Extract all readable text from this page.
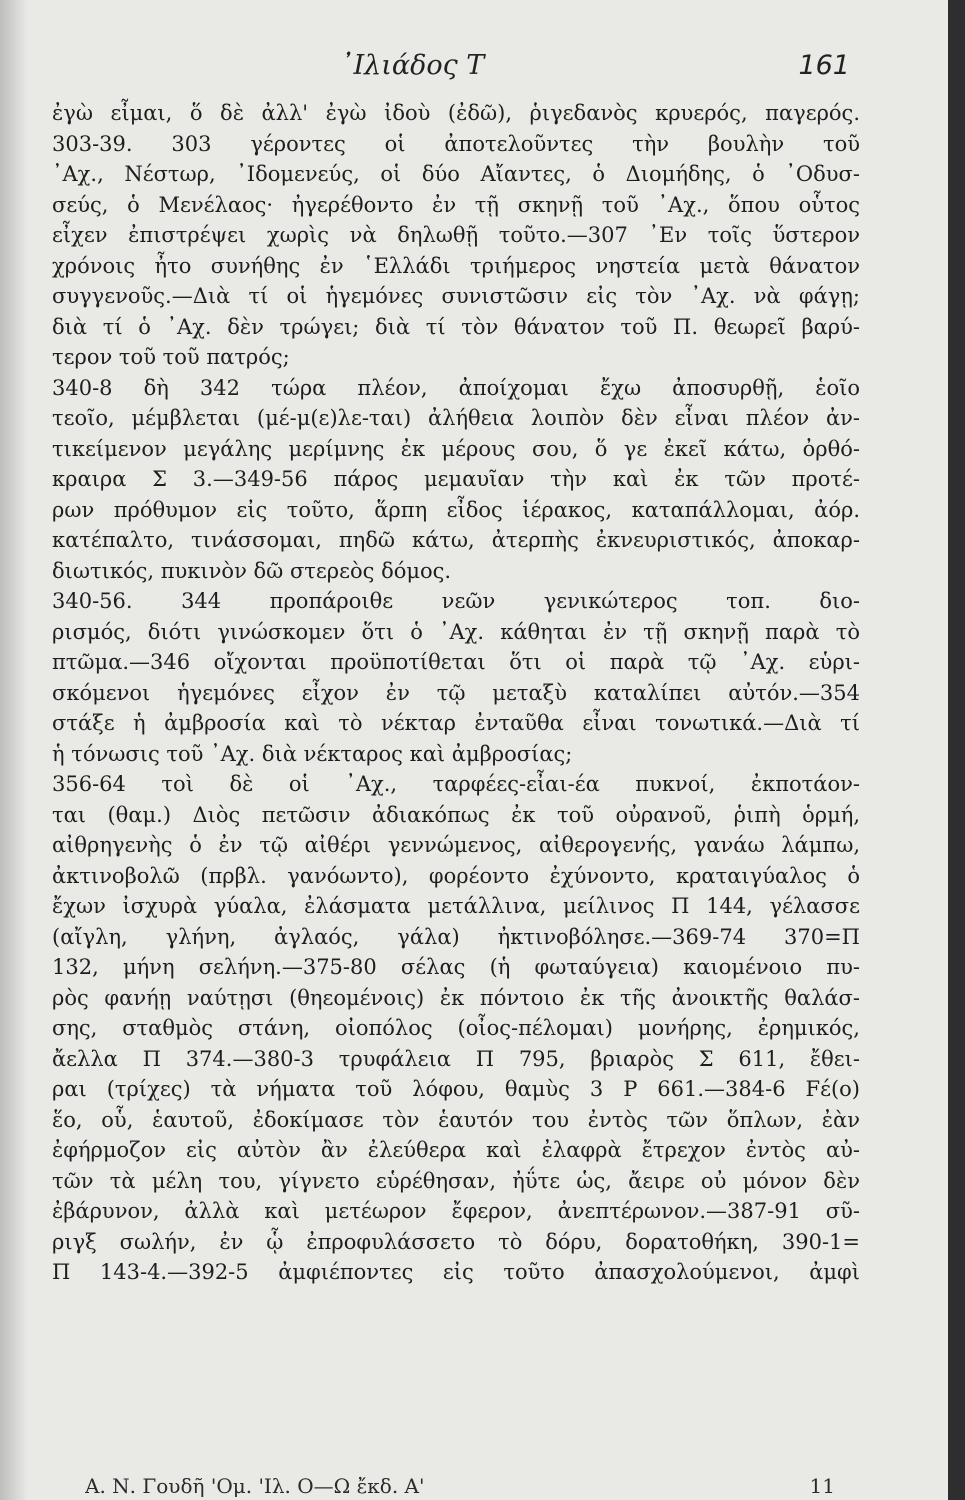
᾿Ιλιάδος Τ	161
ἐγὼ εἶμαι, ὅ δὲ ἀλλ' ἐγὼ ἰδοὺ (ἐδῶ), ῥιγεδανὸς κρυερός, παγερός.
303-39. 303 γέροντες οἱ ἀποτελοῦντες τὴν βουλὴν τοῦ
᾿Αχ., Νέστωρ, ᾿Ιδομενεύς, οἱ δύο Αἴαντες, ὁ Διομήδης, ὁ ᾿Οδυσ-
σεύς, ὁ Μενέλαος· ἠγερέθοντο ἐν τῇ σκηνῇ τοῦ ᾿Αχ., ὅπου οὗτος
εἶχεν ἐπιστρέψει χωρὶς νὰ δηλωθῇ τοῦτο.—307 ᾿Εν τοῖς ὕστερον
χρόνοις ἦτο συνήθης ἐν ῾Ελλάδι τριήμερος νηστεία μετὰ θάνατον
συγγενοῦς.—Διὰ τί οἱ ἡγεμόνες συνιστῶσιν εἰς τὸν ᾿Αχ. νὰ φάγῃ;
διὰ τί ὁ ᾿Αχ. δὲν τρώγει; διὰ τί τὸν θάνατον τοῦ Π. θεωρεῖ βαρύ-
τερον τοῦ τοῦ πατρός;
340-8 δὴ 342 τώρα πλέον, ἀποίχομαι ἔχω ἀποσυρθῇ, ἑοῖο
τεοῖο, μέμβλεται (μέ-μ(ε)λε-ται) ἀλήθεια λοιπὸν δὲν εἶναι πλέον ἀν-
τικείμενον μεγάλης μερίμνης ἐκ μέρους σου, ὅ γε ἐκεῖ κάτω, ὀρθό-
κραιρα Σ 3.—349-56 πάρος μεμαυῖαν τὴν καὶ ἐκ τῶν προτέ-
ρων πρόθυμον εἰς τοῦτο, ἅρπη εἶδος ἱέρακος, καταπάλλομαι, ἀόρ.
κατέπαλτο, τινάσσομαι, πηδῶ κάτω, ἀτερπὴς ἐκνευριστικός, ἀποκαρ-
διωτικός, πυκινὸν δῶ στερεὸς δόμος.
340-56. 344 προπάροιθε νεῶν γενικώτερος τοπ. διο-
ρισμός, διότι γινώσκομεν ὅτι ὁ ᾿Αχ. κάθηται ἐν τῇ σκηνῇ παρὰ τὸ
πτῶμα.—346 οἴχονται προϋποτίθεται ὅτι οἱ παρὰ τῷ ᾿Αχ. εὑρι-
σκόμενοι ἡγεμόνες εἶχον ἐν τῷ μεταξὺ καταλίπει αὐτόν.—354
στάξε ἡ ἀμβροσία καὶ τὸ νέκταρ ἐνταῦθα εἶναι τονωτικά.—Διὰ τί
ἡ τόνωσις τοῦ ᾿Αχ. διὰ νέκταρος καὶ ἀμβροσίας;
356-64 τοὶ δὲ οἱ ᾿Αχ., ταρφέες-εἶαι-έα πυκνοί, ἐκποτάον-
ται (θαμ.) Διὸς πετῶσιν ἀδιακόπως ἐκ τοῦ οὐρανοῦ, ῥιπὴ ὁρμή,
αἰθρηγενὴς ὁ ἐν τῷ αἰθέρι γεννώμενος, αἰθερογενής, γανάω λάμπω,
ἀκτινοβολῶ (πρβλ. γανόωντο), φορέοντο ἐχύνοντο, κραταιγύαλος ὁ
ἔχων ἰσχυρὰ γύαλα, ἐλάσματα μετάλλινα, μείλινος Π 144, γέλασσε
(αἴγλη, γλήνη, ἀγλαός, γάλα) ἠκτινοβόλησε.—369-74 370=Π
132, μήνη σελήνη.—375-80 σέλας (ἡ φωταύγεια) καιομένοιο πυ-
ρὸς φανήῃ ναύτῃσι (θηεομένοις) ἐκ πόντοιο ἐκ τῆς ἀνοικτῆς θαλάσ-
σης, σταθμὸς στάνη, οἰοπόλος (οἶος-πέλομαι) μονήρης, ἐρημικός,
ἄελλα Π 374.—380-3 τρυφάλεια Π 795, βριαρὸς Σ 611, ἔθει-
ραι (τρίχες) τὰ νήματα τοῦ λόφου, θαμὺς 3 Ρ 661.—384-6 Fέ(ο)
ἕο, οὗ, ἑαυτοῦ, ἐδοκίμασε τὸν ἑαυτόν του ἐντὸς τῶν ὅπλων, ἐὰν
ἐφήρμοζον εἰς αὐτὸν ἂν ἐλεύθερα καὶ ἐλαφρὰ ἔτρεχον ἐντὸς αὐ-
τῶν τὰ μέλη του, γίγνετο εὑρέθησαν, ἠΰτε ὡς, ἄειρε οὐ μόνον δὲν
ἐβάρυνον, ἀλλὰ καὶ μετέωρον ἔφερον, ἀνεπτέρωνον.—387-91 σῦ-
ριγξ σωλήν, ἐν ᾧ ἐπροφυλάσσετο τὸ δόρυ, δορατοθήκη, 390-1=
Π 143-4.—392-5 ἀμφιέποντες εἰς τοῦτο ἀπασχολούμενοι, ἀμφὶ
Α. Ν. Γουδῆ 'Ομ. 'Ιλ. Ο—Ω ἔκδ. Α'	11
